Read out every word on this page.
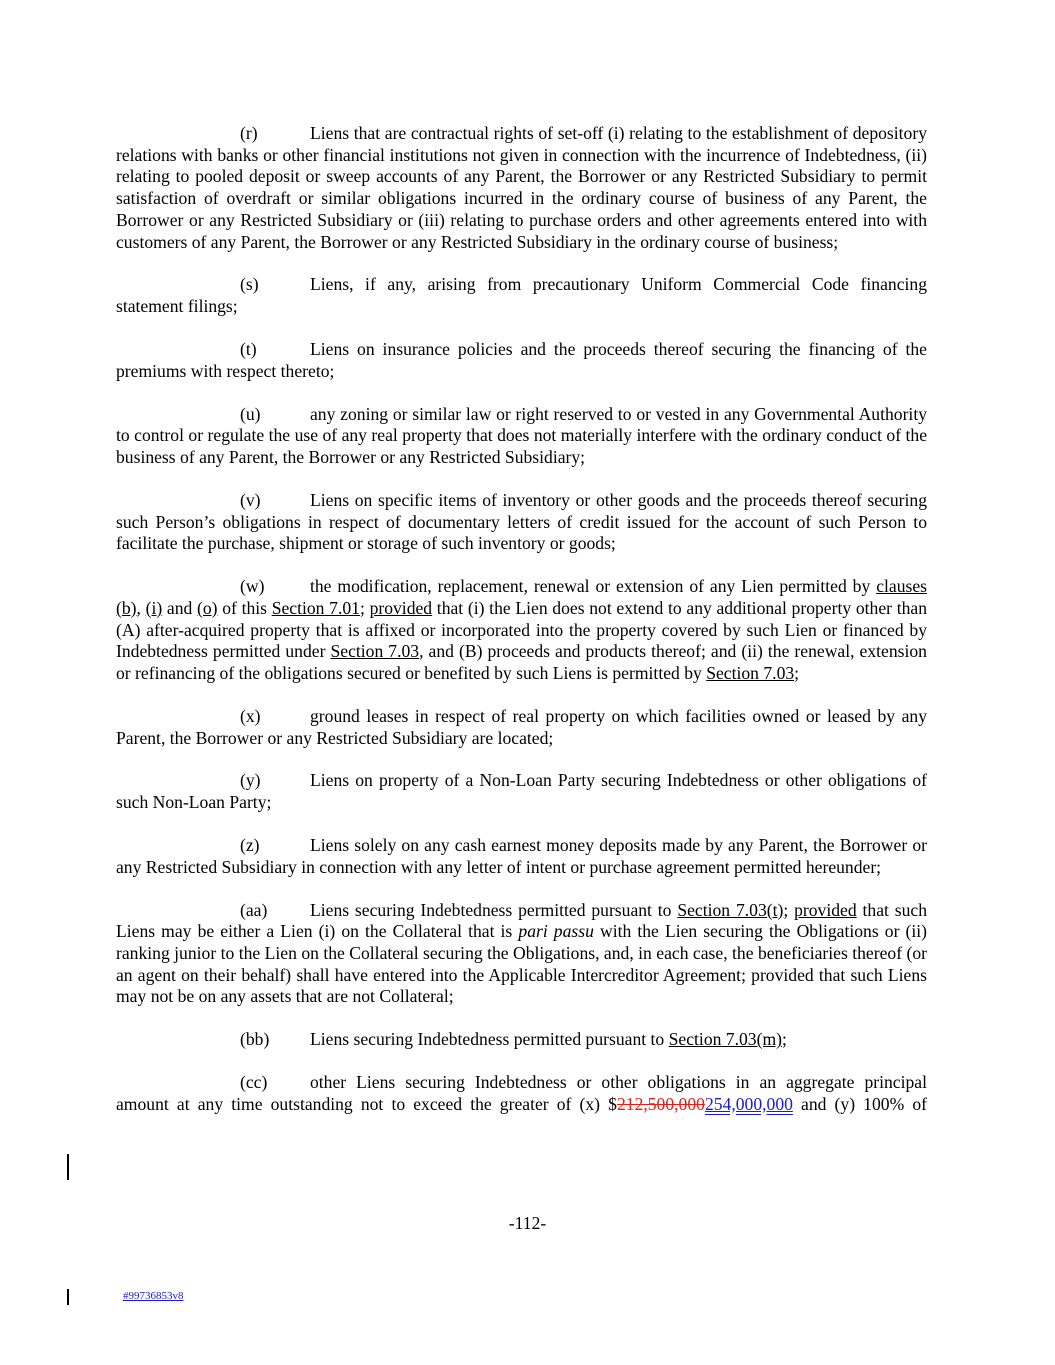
(r)	Liens that are contractual rights of set-off (i) relating to the establishment of depository relations with banks or other financial institutions not given in connection with the incurrence of Indebtedness, (ii) relating to pooled deposit or sweep accounts of any Parent, the Borrower or any Restricted Subsidiary to permit satisfaction of overdraft or similar obligations incurred in the ordinary course of business of any Parent, the Borrower or any Restricted Subsidiary or (iii) relating to purchase orders and other agreements entered into with customers of any Parent, the Borrower or any Restricted Subsidiary in the ordinary course of business;

(s)	Liens, if any, arising from precautionary Uniform Commercial Code financing statement filings;

(t)	Liens on insurance policies and the proceeds thereof securing the financing of the premiums with respect thereto;

(u)	any zoning or similar law or right reserved to or vested in any Governmental Authority to control or regulate the use of any real property that does not materially interfere with the ordinary conduct of the business of any Parent, the Borrower or any Restricted Subsidiary;

(v)	Liens on specific items of inventory or other goods and the proceeds thereof securing such Person’s obligations in respect of documentary letters of credit issued for the account of such Person to facilitate the purchase, shipment or storage of such inventory or goods;

(w)	the modification, replacement, renewal or extension of any Lien permitted by clauses (b), (i) and (o) of this Section 7.01; provided that (i) the Lien does not extend to any additional property other than (A) after-acquired property that is affixed or incorporated into the property covered by such Lien or financed by Indebtedness permitted under Section 7.03, and (B) proceeds and products thereof; and (ii) the renewal, extension or refinancing of the obligations secured or benefited by such Liens is permitted by Section 7.03;

(x)	ground leases in respect of real property on which facilities owned or leased by any Parent, the Borrower or any Restricted Subsidiary are located;

(y)	Liens on property of a Non-Loan Party securing Indebtedness or other obligations of such Non-Loan Party;

(z)	Liens solely on any cash earnest money deposits made by any Parent, the Borrower or any Restricted Subsidiary in connection with any letter of intent or purchase agreement permitted hereunder;

(aa) Liens securing Indebtedness permitted pursuant to Section 7.03(t); provided that such Liens may be either a Lien (i) on the Collateral that is pari passu with the Lien securing the Obligations or (ii) ranking junior to the Lien on the Collateral securing the Obligations, and, in each case, the beneficiaries thereof (or an agent on their behalf) shall have entered into the Applicable Intercreditor Agreement; provided that such Liens may not be on any assets that are not Collateral;

(bb) Liens securing Indebtedness permitted pursuant to Section 7.03(m);

(cc) other Liens securing Indebtedness or other obligations in an aggregate principal amount at any time outstanding not to exceed the greater of (x) $212,500,000254,000,000 and (y) 100% of

-112-
#99736853v8
